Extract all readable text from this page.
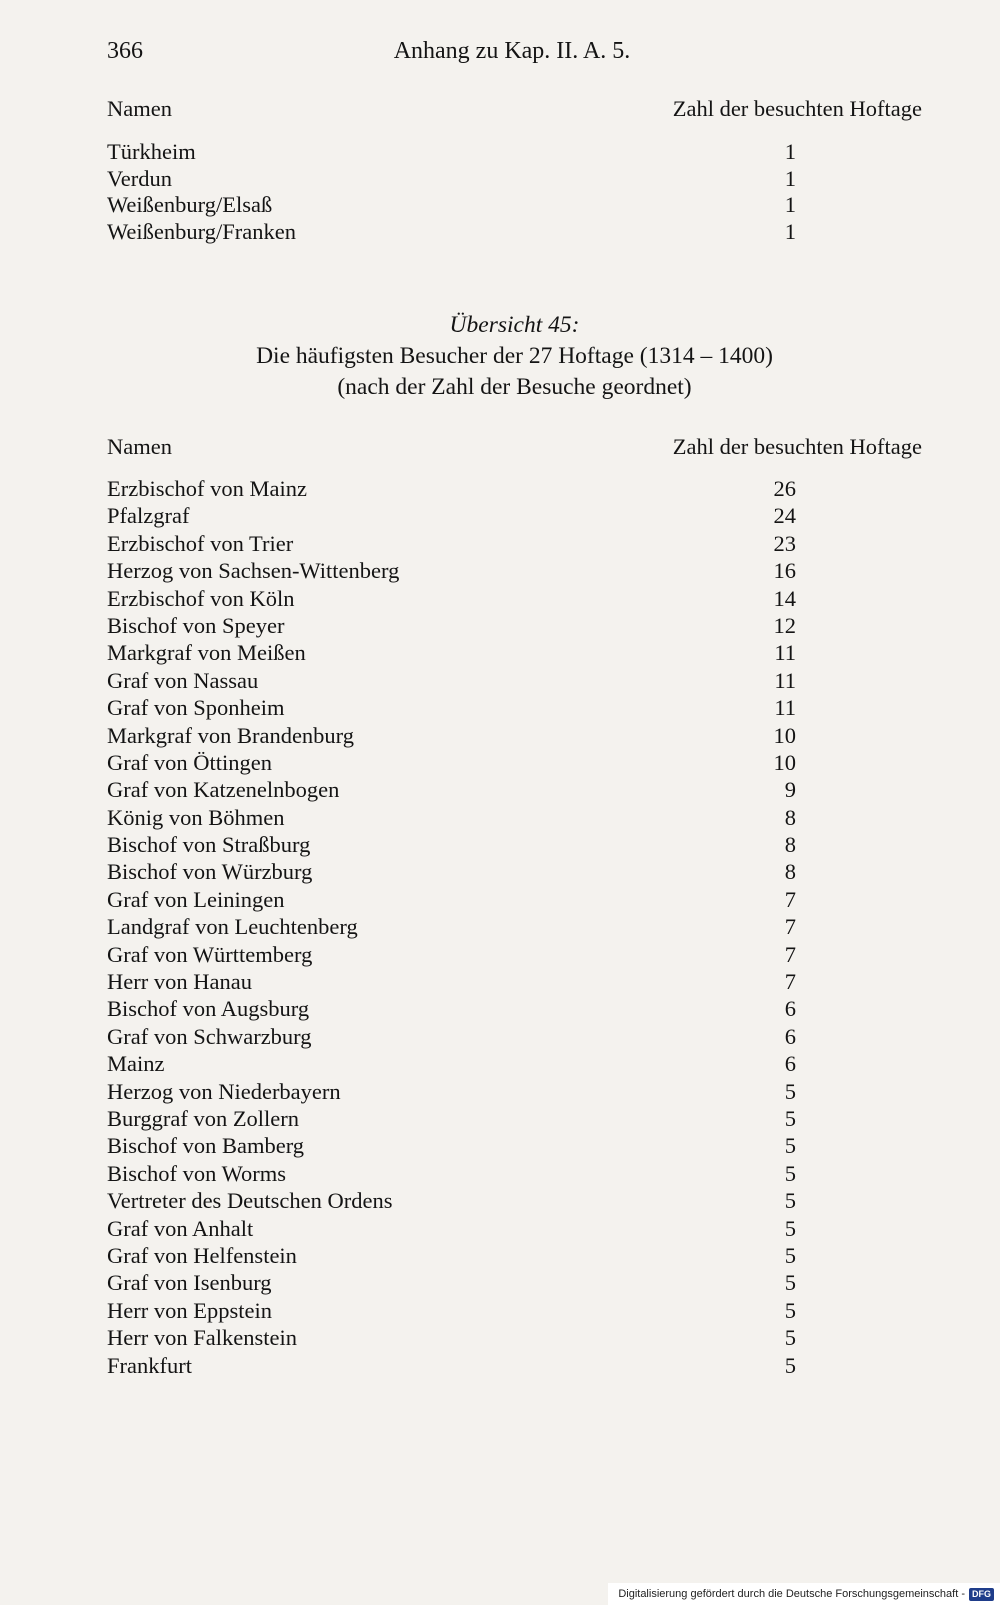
366	Anhang zu Kap. II. A. 5.
Namen	Zahl der besuchten Hoftage
Türkheim	1
Verdun	1
Weißenburg/Elsaß	1
Weißenburg/Franken	1
Übersicht 45:
Die häufigsten Besucher der 27 Hoftage (1314 – 1400)
(nach der Zahl der Besuche geordnet)
Namen	Zahl der besuchten Hoftage
Erzbischof von Mainz	26
Pfalzgraf	24
Erzbischof von Trier	23
Herzog von Sachsen-Wittenberg	16
Erzbischof von Köln	14
Bischof von Speyer	12
Markgraf von Meißen	11
Graf von Nassau	11
Graf von Sponheim	11
Markgraf von Brandenburg	10
Graf von Öttingen	10
Graf von Katzenelnbogen	9
König von Böhmen	8
Bischof von Straßburg	8
Bischof von Würzburg	8
Graf von Leiningen	7
Landgraf von Leuchtenberg	7
Graf von Württemberg	7
Herr von Hanau	7
Bischof von Augsburg	6
Graf von Schwarzburg	6
Mainz	6
Herzog von Niederbayern	5
Burggraf von Zollern	5
Bischof von Bamberg	5
Bischof von Worms	5
Vertreter des Deutschen Ordens	5
Graf von Anhalt	5
Graf von Helfenstein	5
Graf von Isenburg	5
Herr von Eppstein	5
Herr von Falkenstein	5
Frankfurt	5
Digitalisierung gefördert durch die Deutsche Forschungsgemeinschaft - DFG
